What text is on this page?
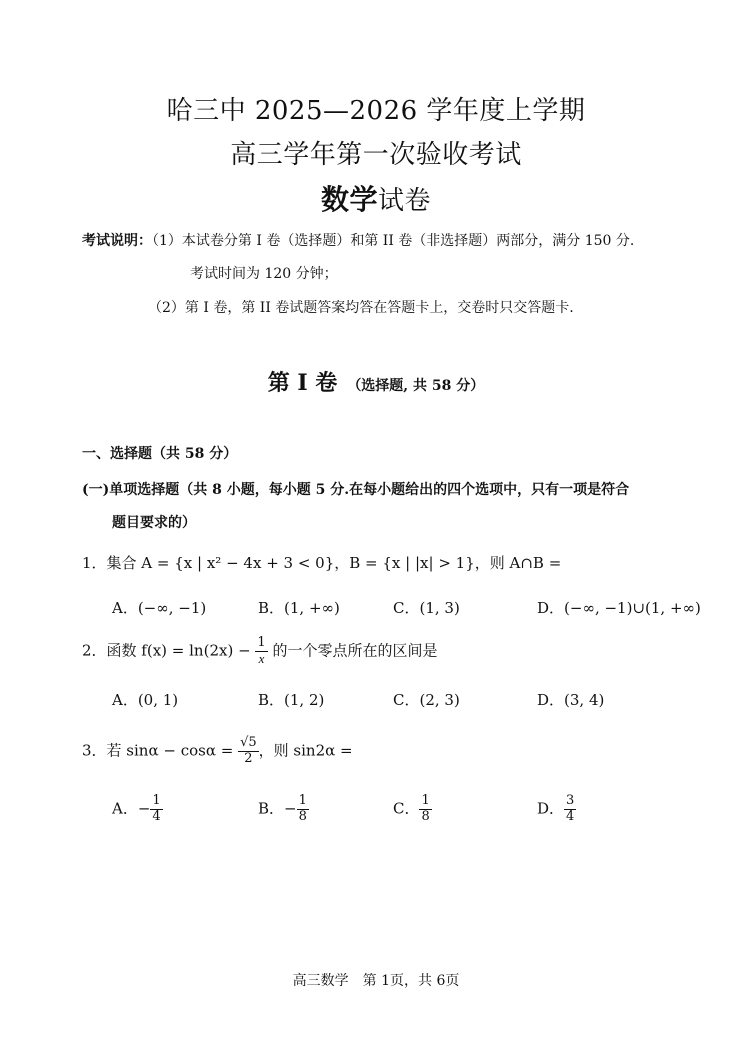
哈三中 2025—2026 学年度上学期
高三学年第一次验收考试
数学试卷
考试说明：（1）本试卷分第 I 卷（选择题）和第 II 卷（非选择题）两部分，满分 150 分.
考试时间为 120 分钟；
（2）第 I 卷，第 II 卷试题答案均答在答题卡上，交卷时只交答题卡.
第 I 卷 （选择题, 共 58 分）
一、选择题（共 58 分）
(一)单项选择题（共 8 小题，每小题 5 分.在每小题给出的四个选项中，只有一项是符合
题目要求的）
1．集合 A = {x | x² − 4x + 3 < 0}，B = {x | |x| > 1}，则 A∩B =
A．(−∞, −1)	B．(1, +∞)	C．(1, 3)	D．(−∞, −1)∪(1, +∞)
2．函数 $f(x) = \ln(2x) - \frac{1}{x}$ 的一个零点所在的区间是
A．(0, 1)	B．(1, 2)	C．(2, 3)	D．(3, 4)
3．若 $\sin\alpha - \cos\alpha = \frac{√5}{2}$ ，则 sin2α =
A．− $\frac{1}{4}$	B．− $\frac{1}{8}$	C． $\frac{1}{8}$	D． $\frac{3}{4}$
高三数学　第 1页，共 6页
